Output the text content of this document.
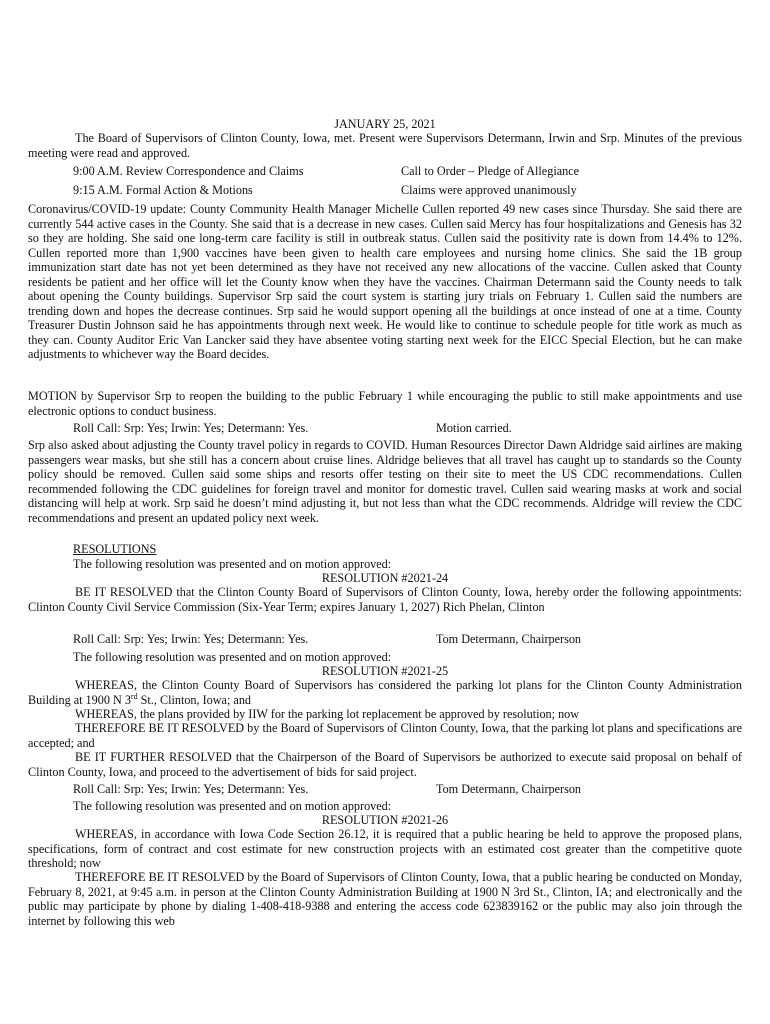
JANUARY 25, 2021

The Board of Supervisors of Clinton County, Iowa, met. Present were Supervisors Determann, Irwin and Srp. Minutes of the previous meeting were read and approved.

9:00 A.M. Review Correspondence and Claims	Call to Order – Pledge of Allegiance
9:15 A.M. Formal Action & Motions	Claims were approved unanimously

Coronavirus/COVID-19 update: County Community Health Manager Michelle Cullen reported 49 new cases since Thursday. She said there are currently 544 active cases in the County. She said that is a decrease in new cases. Cullen said Mercy has four hospitalizations and Genesis has 32 so they are holding. She said one long-term care facility is still in outbreak status. Cullen said the positivity rate is down from 14.4% to 12%. Cullen reported more than 1,900 vaccines have been given to health care employees and nursing home clinics. She said the 1B group immunization start date has not yet been determined as they have not received any new allocations of the vaccine. Cullen asked that County residents be patient and her office will let the County know when they have the vaccines. Chairman Determann said the County needs to talk about opening the County buildings. Supervisor Srp said the court system is starting jury trials on February 1. Cullen said the numbers are trending down and hopes the decrease continues. Srp said he would support opening all the buildings at once instead of one at a time. County Treasurer Dustin Johnson said he has appointments through next week. He would like to continue to schedule people for title work as much as they can. County Auditor Eric Van Lancker said they have absentee voting starting next week for the EICC Special Election, but he can make adjustments to whichever way the Board decides.

MOTION by Supervisor Srp to reopen the building to the public February 1 while encouraging the public to still make appointments and use electronic options to conduct business.

Roll Call: Srp: Yes; Irwin: Yes; Determann: Yes.	Motion carried.

Srp also asked about adjusting the County travel policy in regards to COVID. Human Resources Director Dawn Aldridge said airlines are making passengers wear masks, but she still has a concern about cruise lines. Aldridge believes that all travel has caught up to standards so the County policy should be removed. Cullen said some ships and resorts offer testing on their site to meet the US CDC recommendations. Cullen recommended following the CDC guidelines for foreign travel and monitor for domestic travel. Cullen said wearing masks at work and social distancing will help at work. Srp said he doesn’t mind adjusting it, but not less than what the CDC recommends. Aldridge will review the CDC recommendations and present an updated policy next week.

RESOLUTIONS

The following resolution was presented and on motion approved:

RESOLUTION #2021-24

BE IT RESOLVED that the Clinton County Board of Supervisors of Clinton County, Iowa, hereby order the following appointments: Clinton County Civil Service Commission (Six-Year Term; expires January 1, 2027) Rich Phelan, Clinton

Roll Call: Srp: Yes; Irwin: Yes; Determann: Yes.	Tom Determann, Chairperson

The following resolution was presented and on motion approved:

RESOLUTION #2021-25

WHEREAS, the Clinton County Board of Supervisors has considered the parking lot plans for the Clinton County Administration Building at 1900 N 3rd St., Clinton, Iowa; and

WHEREAS, the plans provided by IIW for the parking lot replacement be approved by resolution; now

THEREFORE BE IT RESOLVED by the Board of Supervisors of Clinton County, Iowa, that the parking lot plans and specifications are accepted; and

BE IT FURTHER RESOLVED that the Chairperson of the Board of Supervisors be authorized to execute said proposal on behalf of Clinton County, Iowa, and proceed to the advertisement of bids for said project.

Roll Call: Srp: Yes; Irwin: Yes; Determann: Yes.	Tom Determann, Chairperson

The following resolution was presented and on motion approved:

RESOLUTION #2021-26

WHEREAS, in accordance with Iowa Code Section 26.12, it is required that a public hearing be held to approve the proposed plans, specifications, form of contract and cost estimate for new construction projects with an estimated cost greater than the competitive quote threshold; now

THEREFORE BE IT RESOLVED by the Board of Supervisors of Clinton County, Iowa, that a public hearing be conducted on Monday, February 8, 2021, at 9:45 a.m. in person at the Clinton County Administration Building at 1900 N 3rd St., Clinton, IA; and electronically and the public may participate by phone by dialing 1-408-418-9388 and entering the access code 623839162 or the public may also join through the internet by following this web
